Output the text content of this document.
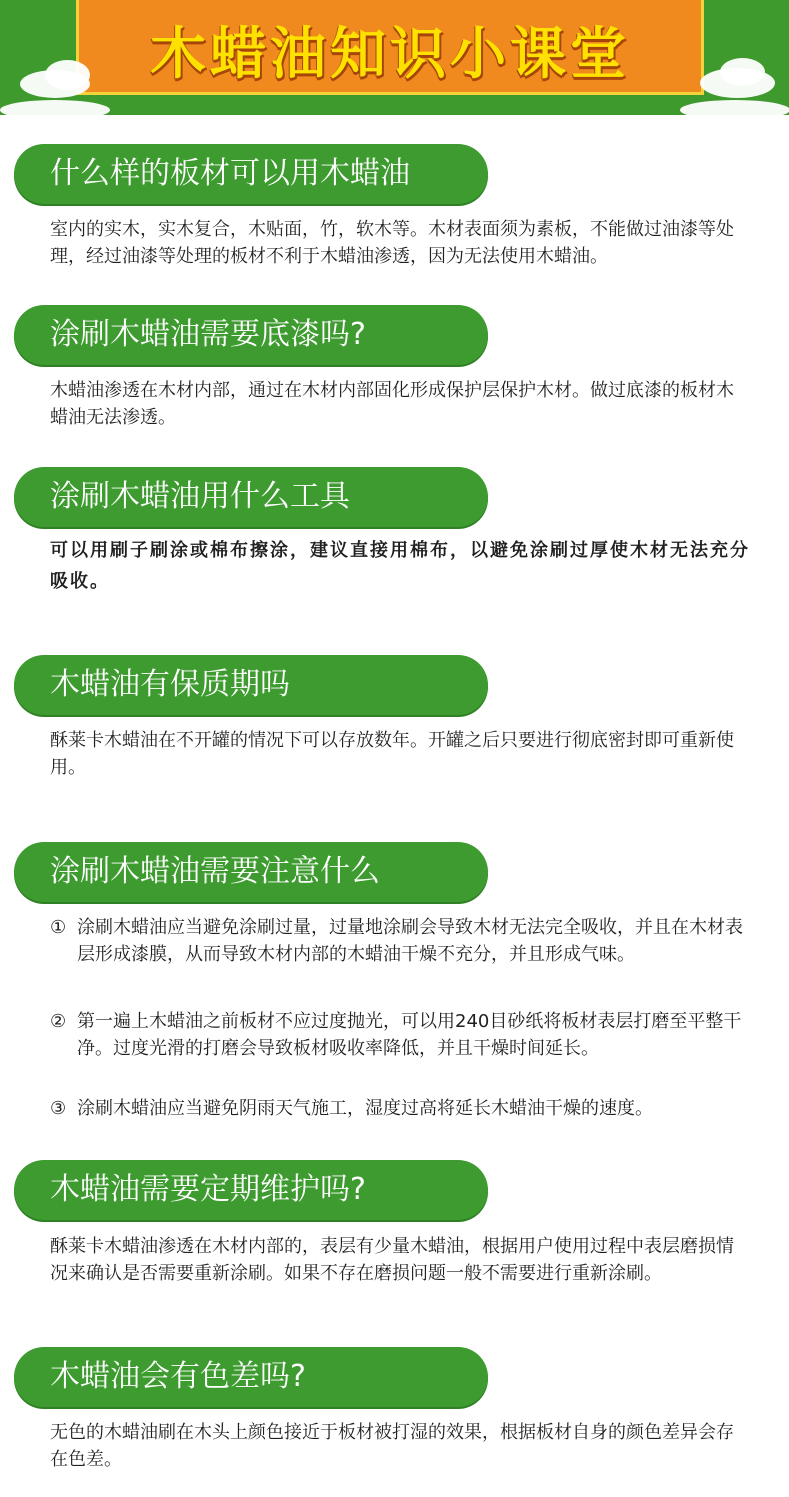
木蜡油知识小课堂
什么样的板材可以用木蜡油
室内的实木，实木复合，木贴面，竹，软木等。木材表面须为素板，不能做过油漆等处理，经过油漆等处理的板材不利于木蜡油渗透，因为无法使用木蜡油。
涂刷木蜡油需要底漆吗?
木蜡油渗透在木材内部，通过在木材内部固化形成保护层保护木材。做过底漆的板材木蜡油无法渗透。
涂刷木蜡油用什么工具
可以用刷子刷涂或棉布擦涂，建议直接用棉布，以避免涂刷过厚使木材无法充分吸收。
木蜡油有保质期吗
酥莱卡木蜡油在不开罐的情况下可以存放数年。开罐之后只要进行彻底密封即可重新使用。
涂刷木蜡油需要注意什么
① 涂刷木蜡油应当避免涂刷过量，过量地涂刷会导致木材无法完全吸收，并且在木材表层形成漆膜，从而导致木材内部的木蜡油干燥不充分，并且形成气味。
② 第一遍上木蜡油之前板材不应过度抛光，可以用240目砂纸将板材表层打磨至平整干净。过度光滑的打磨会导致板材吸收率降低，并且干燥时间延长。
③ 涂刷木蜡油应当避免阴雨天气施工，湿度过高将延长木蜡油干燥的速度。
木蜡油需要定期维护吗?
酥莱卡木蜡油渗透在木材内部的，表层有少量木蜡油，根据用户使用过程中表层磨损情况来确认是否需要重新涂刷。如果不存在磨损问题一般不需要进行重新涂刷。
木蜡油会有色差吗?
无色的木蜡油刷在木头上颜色接近于板材被打湿的效果，根据板材自身的颜色差异会存在色差。
